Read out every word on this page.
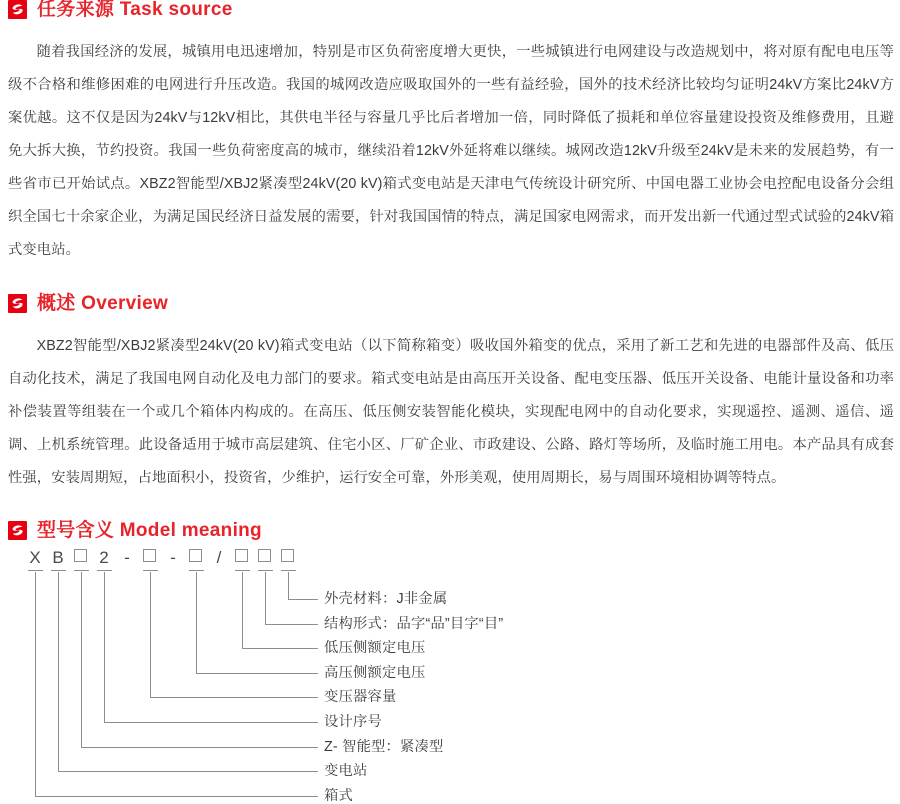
任务来源 Task source

随着我国经济的发展，城镇用电迅速增加，特别是市区负荷密度增大更快，一些城镇进行电网建设与改造规划中，将对原有配电电压等级不合格和维修困难的电网进行升压改造。我国的城网改造应吸取国外的一些有益经验，国外的技术经济比较均匀证明24kV方案比24kV方案优越。这不仅是因为24kV与12kV相比，其供电半径与容量几乎比后者增加一倍，同时降低了损耗和单位容量建设投资及维修费用，且避免大拆大换，节约投资。我国一些负荷密度高的城市，继续沿着12kV外延将难以继续。城网改造12kV升级至24kV是未来的发展趋势，有一些省市已开始试点。XBZ2智能型/XBJ2紧凑型24kV(20 kV)箱式变电站是天津电气传统设计研究所、中国电器工业协会电控配电设备分会组织全国七十余家企业，为满足国民经济日益发展的需要，针对我国国情的特点，满足国家电网需求，而开发出新一代通过型式试验的24kV箱式变电站。

概述 Overview

XBZ2智能型/XBJ2紧凑型24kV(20 kV)箱式变电站（以下简称箱变）吸收国外箱变的优点，采用了新工艺和先进的电器部件及高、低压自动化技术，满足了我国电网自动化及电力部门的要求。箱式变电站是由高压开关设备、配电变压器、低压开关设备、电能计量设备和功率补偿装置等组装在一个或几个箱体内构成的。在高压、低压侧安装智能化模块，实现配电网中的自动化要求，实现遥控、遥测、遥信、遥调、上机系统管理。此设备适用于城市高层建筑、住宅小区、厂矿企业、市政建设、公路、路灯等场所，及临时施工用电。本产品具有成套性强，安装周期短，占地面积小，投资省，少维护，运行安全可靠，外形美观，使用周期长，易与周围环境相协调等特点。

型号含义 Model meaning
X B 2 - - /
外壳材料：J非金属
结构形式：品字“品”目字“目”
低压侧额定电压
高压侧额定电压
变压器容量
设计序号
Z- 智能型：紧凑型
变电站
箱式
